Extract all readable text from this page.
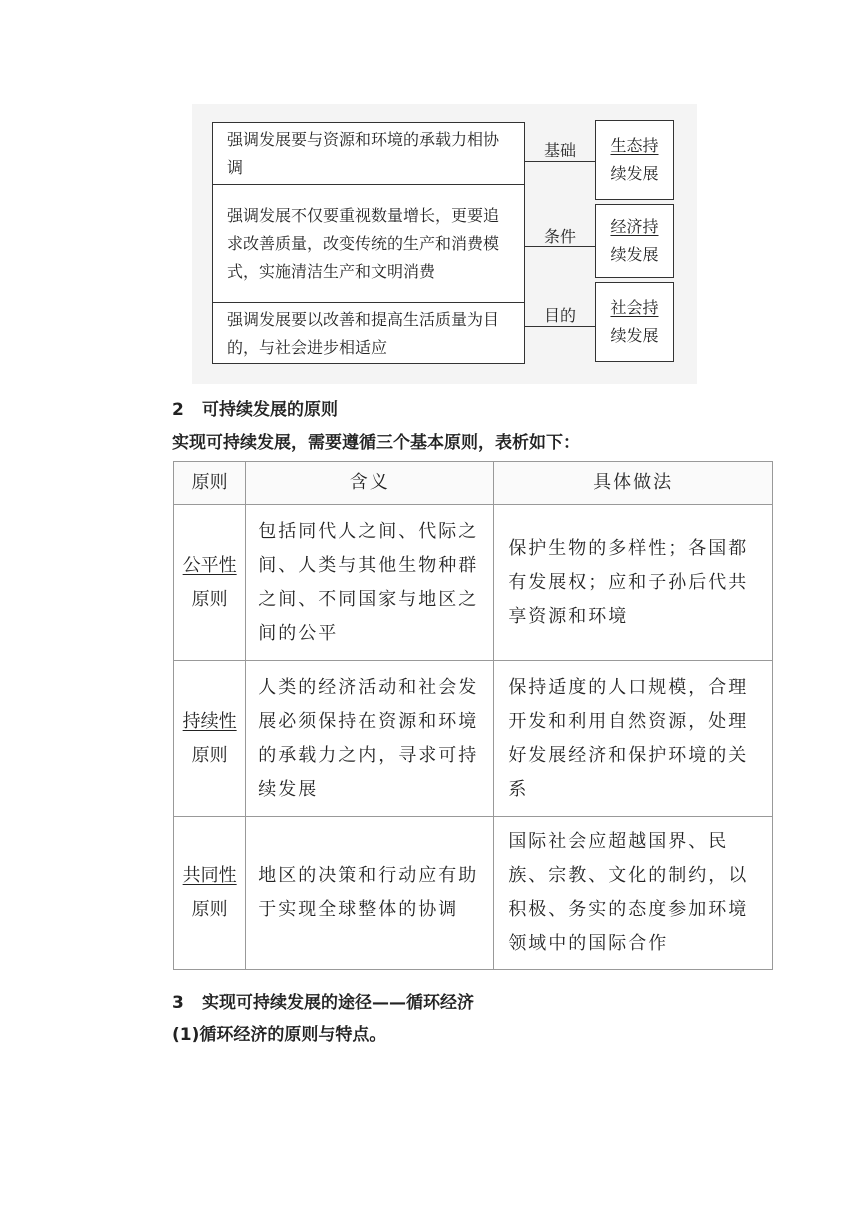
强调发展要与资源和环境的承载力相协调
强调发展不仅要重视数量增长，更要追求改善质量，改变传统的生产和消费模式，实施清洁生产和文明消费
强调发展要以改善和提高生活质量为目的，与社会进步相适应
基础
条件
目的
生态持
续发展
经济持
续发展
社会持
续发展
2 可持续发展的原则
实现可持续发展，需要遵循三个基本原则，表析如下：
原则	含义	具体做法

公平性
原则	包括同代人之间、代际之间、人类与其他生物种群之间、不同国家与地区之间的公平	保护生物的多样性；各国都有发展权；应和子孙后代共享资源和环境

持续性
原则	人类的经济活动和社会发展必须保持在资源和环境的承载力之内，寻求可持续发展	保持适度的人口规模，合理开发和利用自然资源，处理好发展经济和保护环境的关系

共同性
原则	地区的决策和行动应有助于实现全球整体的协调	国际社会应超越国界、民族、宗教、文化的制约，以积极、务实的态度参加环境领域中的国际合作
3 实现可持续发展的途径——循环经济
(1)循环经济的原则与特点。
